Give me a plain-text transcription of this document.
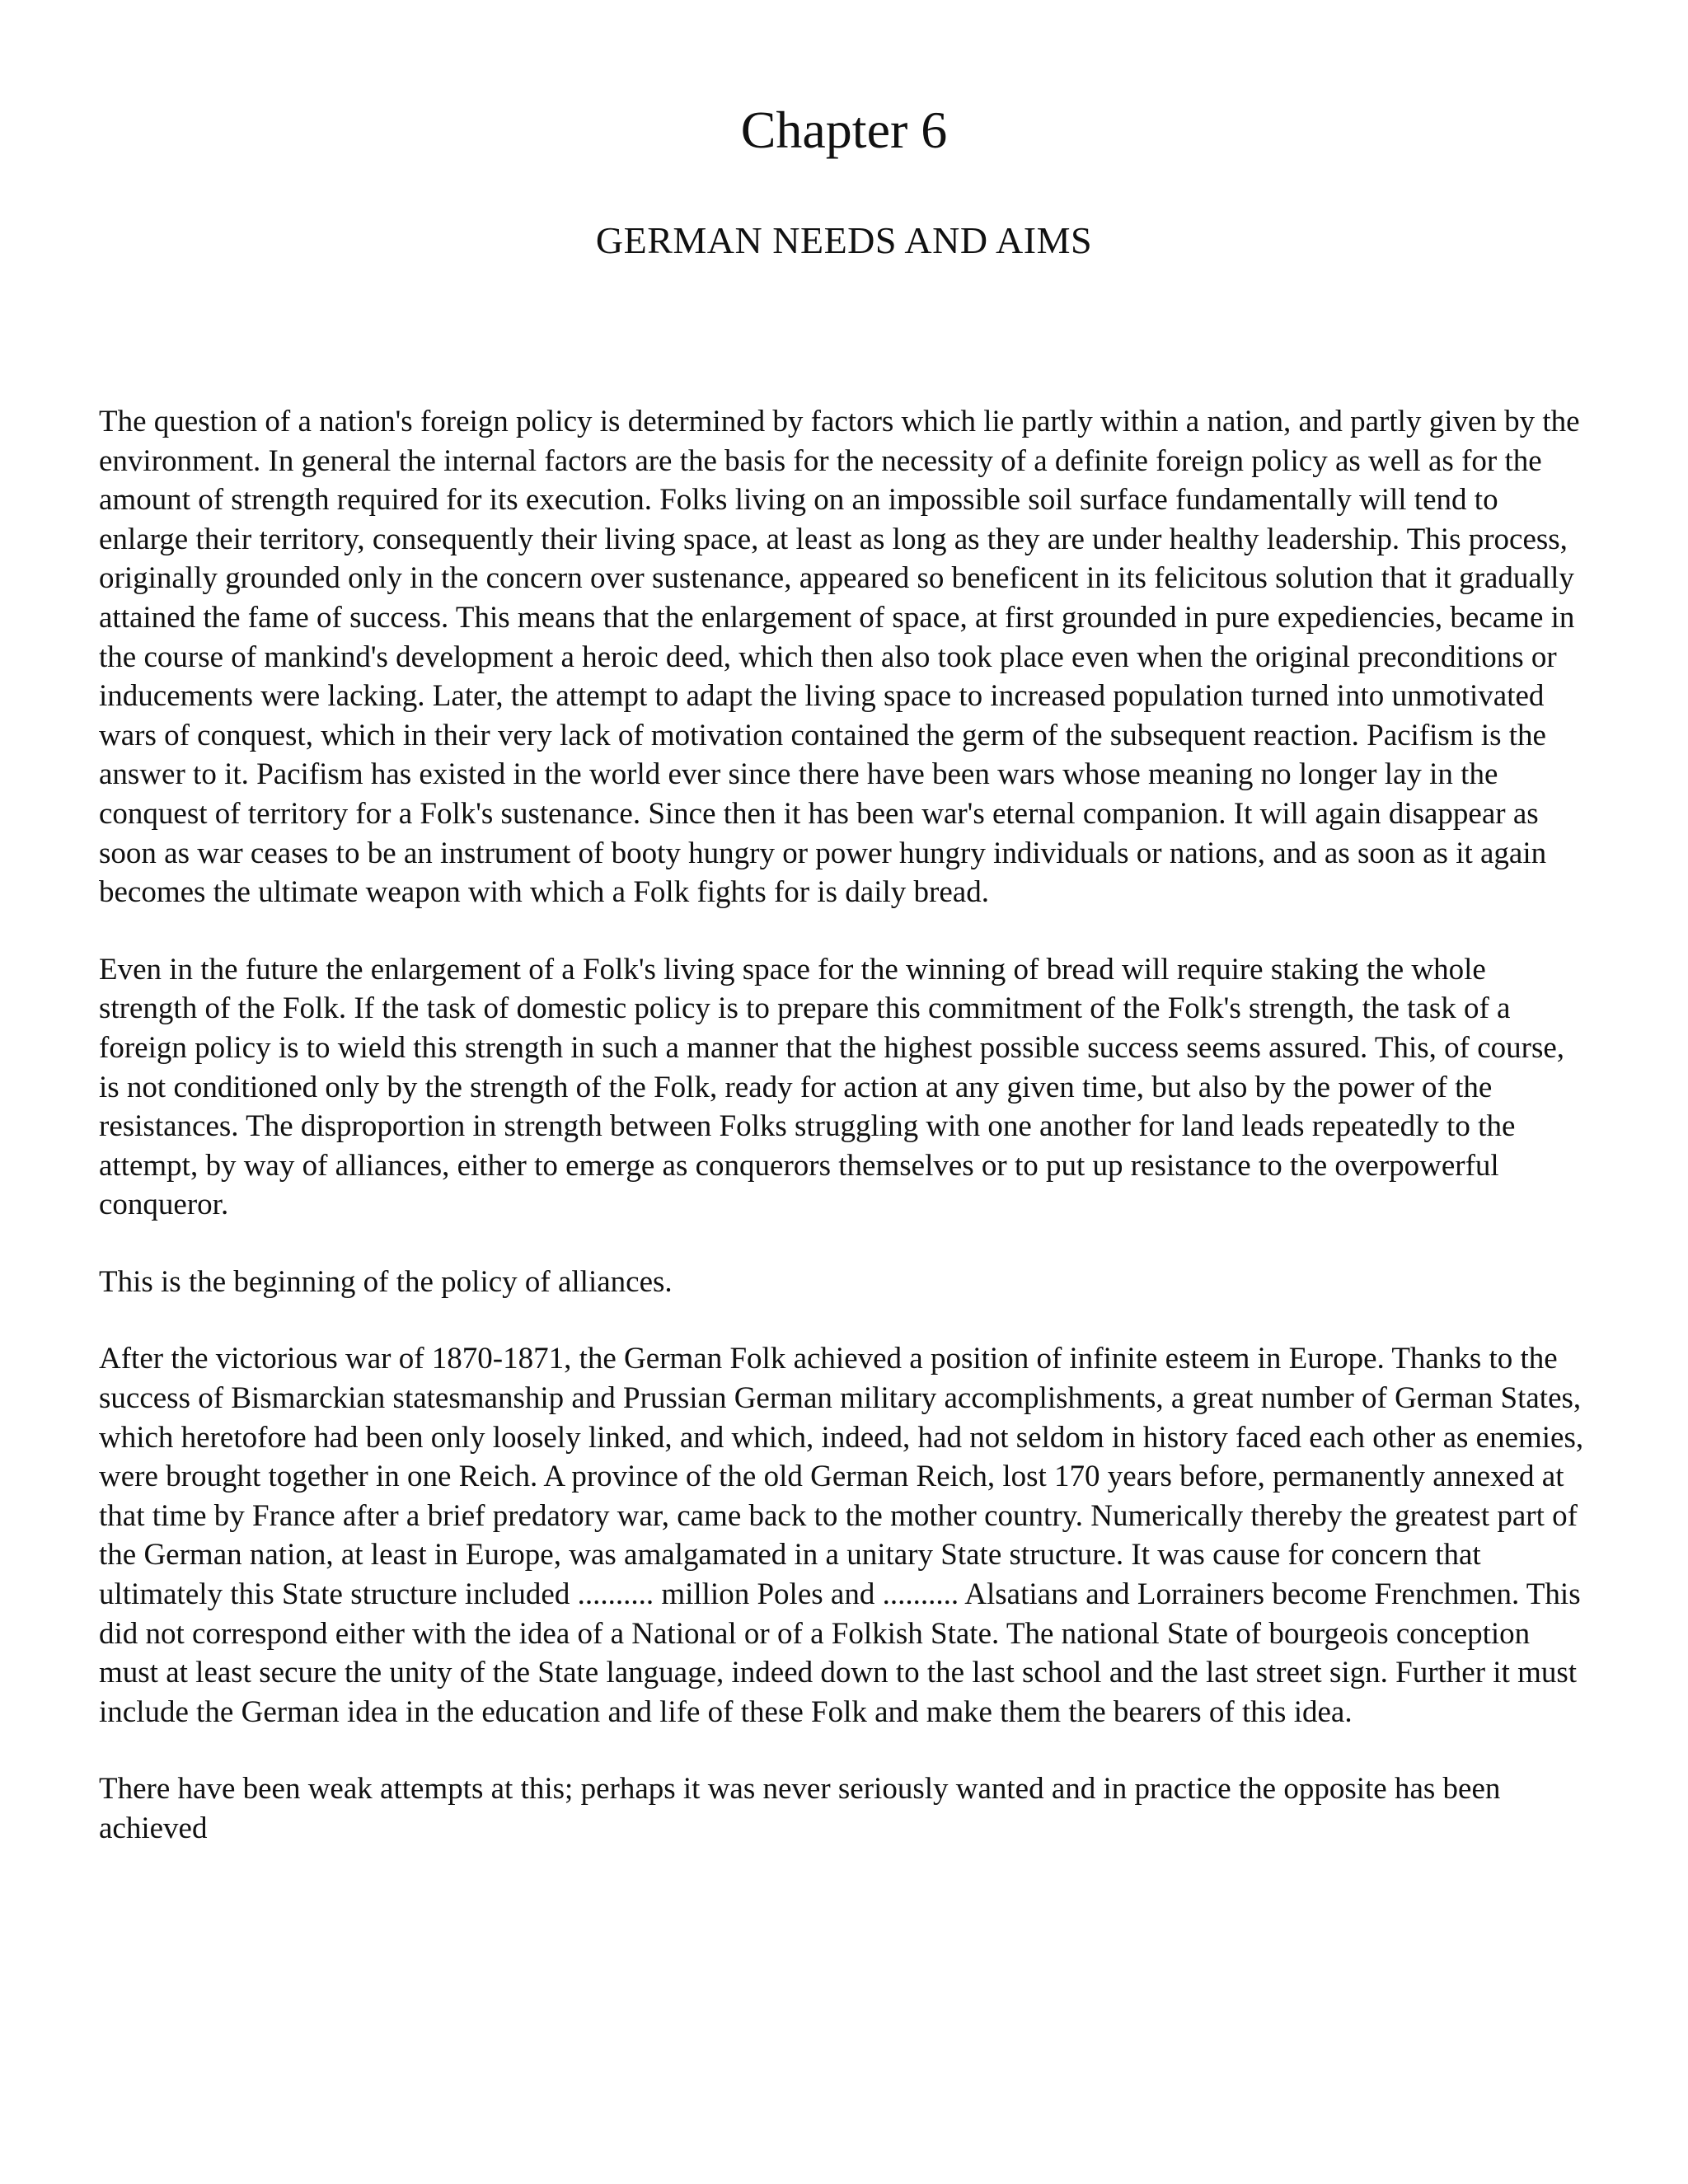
Chapter 6
GERMAN NEEDS AND AIMS

The question of a nation's foreign policy is determined by factors which lie partly within a nation, and partly given by the environment. In general the internal factors are the basis for the necessity of a definite foreign policy as well as for the amount of strength required for its execution. Folks living on an impossible soil surface fundamentally will tend to enlarge their territory, consequently their living space, at least as long as they are under healthy leadership. This process, originally grounded only in the concern over sustenance, appeared so beneficent in its felicitous solution that it gradually attained the fame of success. This means that the enlargement of space, at first grounded in pure expediencies, became in the course of mankind's development a heroic deed, which then also took place even when the original preconditions or inducements were lacking. Later, the attempt to adapt the living space to increased population turned into unmotivated wars of conquest, which in their very lack of motivation contained the germ of the subsequent reaction. Pacifism is the answer to it. Pacifism has existed in the world ever since there have been wars whose meaning no longer lay in the conquest of territory for a Folk's sustenance. Since then it has been war's eternal companion. It will again disappear as soon as war ceases to be an instrument of booty hungry or power hungry individuals or nations, and as soon as it again becomes the ultimate weapon with which a Folk fights for is daily bread.

Even in the future the enlargement of a Folk's living space for the winning of bread will require staking the whole strength of the Folk. If the task of domestic policy is to prepare this commitment of the Folk's strength, the task of a foreign policy is to wield this strength in such a manner that the highest possible success seems assured. This, of course, is not conditioned only by the strength of the Folk, ready for action at any given time, but also by the power of the resistances. The disproportion in strength between Folks struggling with one another for land leads repeatedly to the attempt, by way of alliances, either to emerge as conquerors themselves or to put up resistance to the overpowerful conqueror.

This is the beginning of the policy of alliances.

After the victorious war of 1870-1871, the German Folk achieved a position of infinite esteem in Europe. Thanks to the success of Bismarckian statesmanship and Prussian German military accomplishments, a great number of German States, which heretofore had been only loosely linked, and which, indeed, had not seldom in history faced each other as enemies, were brought together in one Reich. A province of the old German Reich, lost 170 years before, permanently annexed at that time by France after a brief predatory war, came back to the mother country. Numerically thereby the greatest part of the German nation, at least in Europe, was amalgamated in a unitary State structure. It was cause for concern that ultimately this State structure included .......... million Poles and .......... Alsatians and Lorrainers become Frenchmen. This did not correspond either with the idea of a National or of a Folkish State. The national State of bourgeois conception must at least secure the unity of the State language, indeed down to the last school and the last street sign. Further it must include the German idea in the education and life of these Folk and make them the bearers of this idea.

There have been weak attempts at this; perhaps it was never seriously wanted and in practice the opposite has been achieved
